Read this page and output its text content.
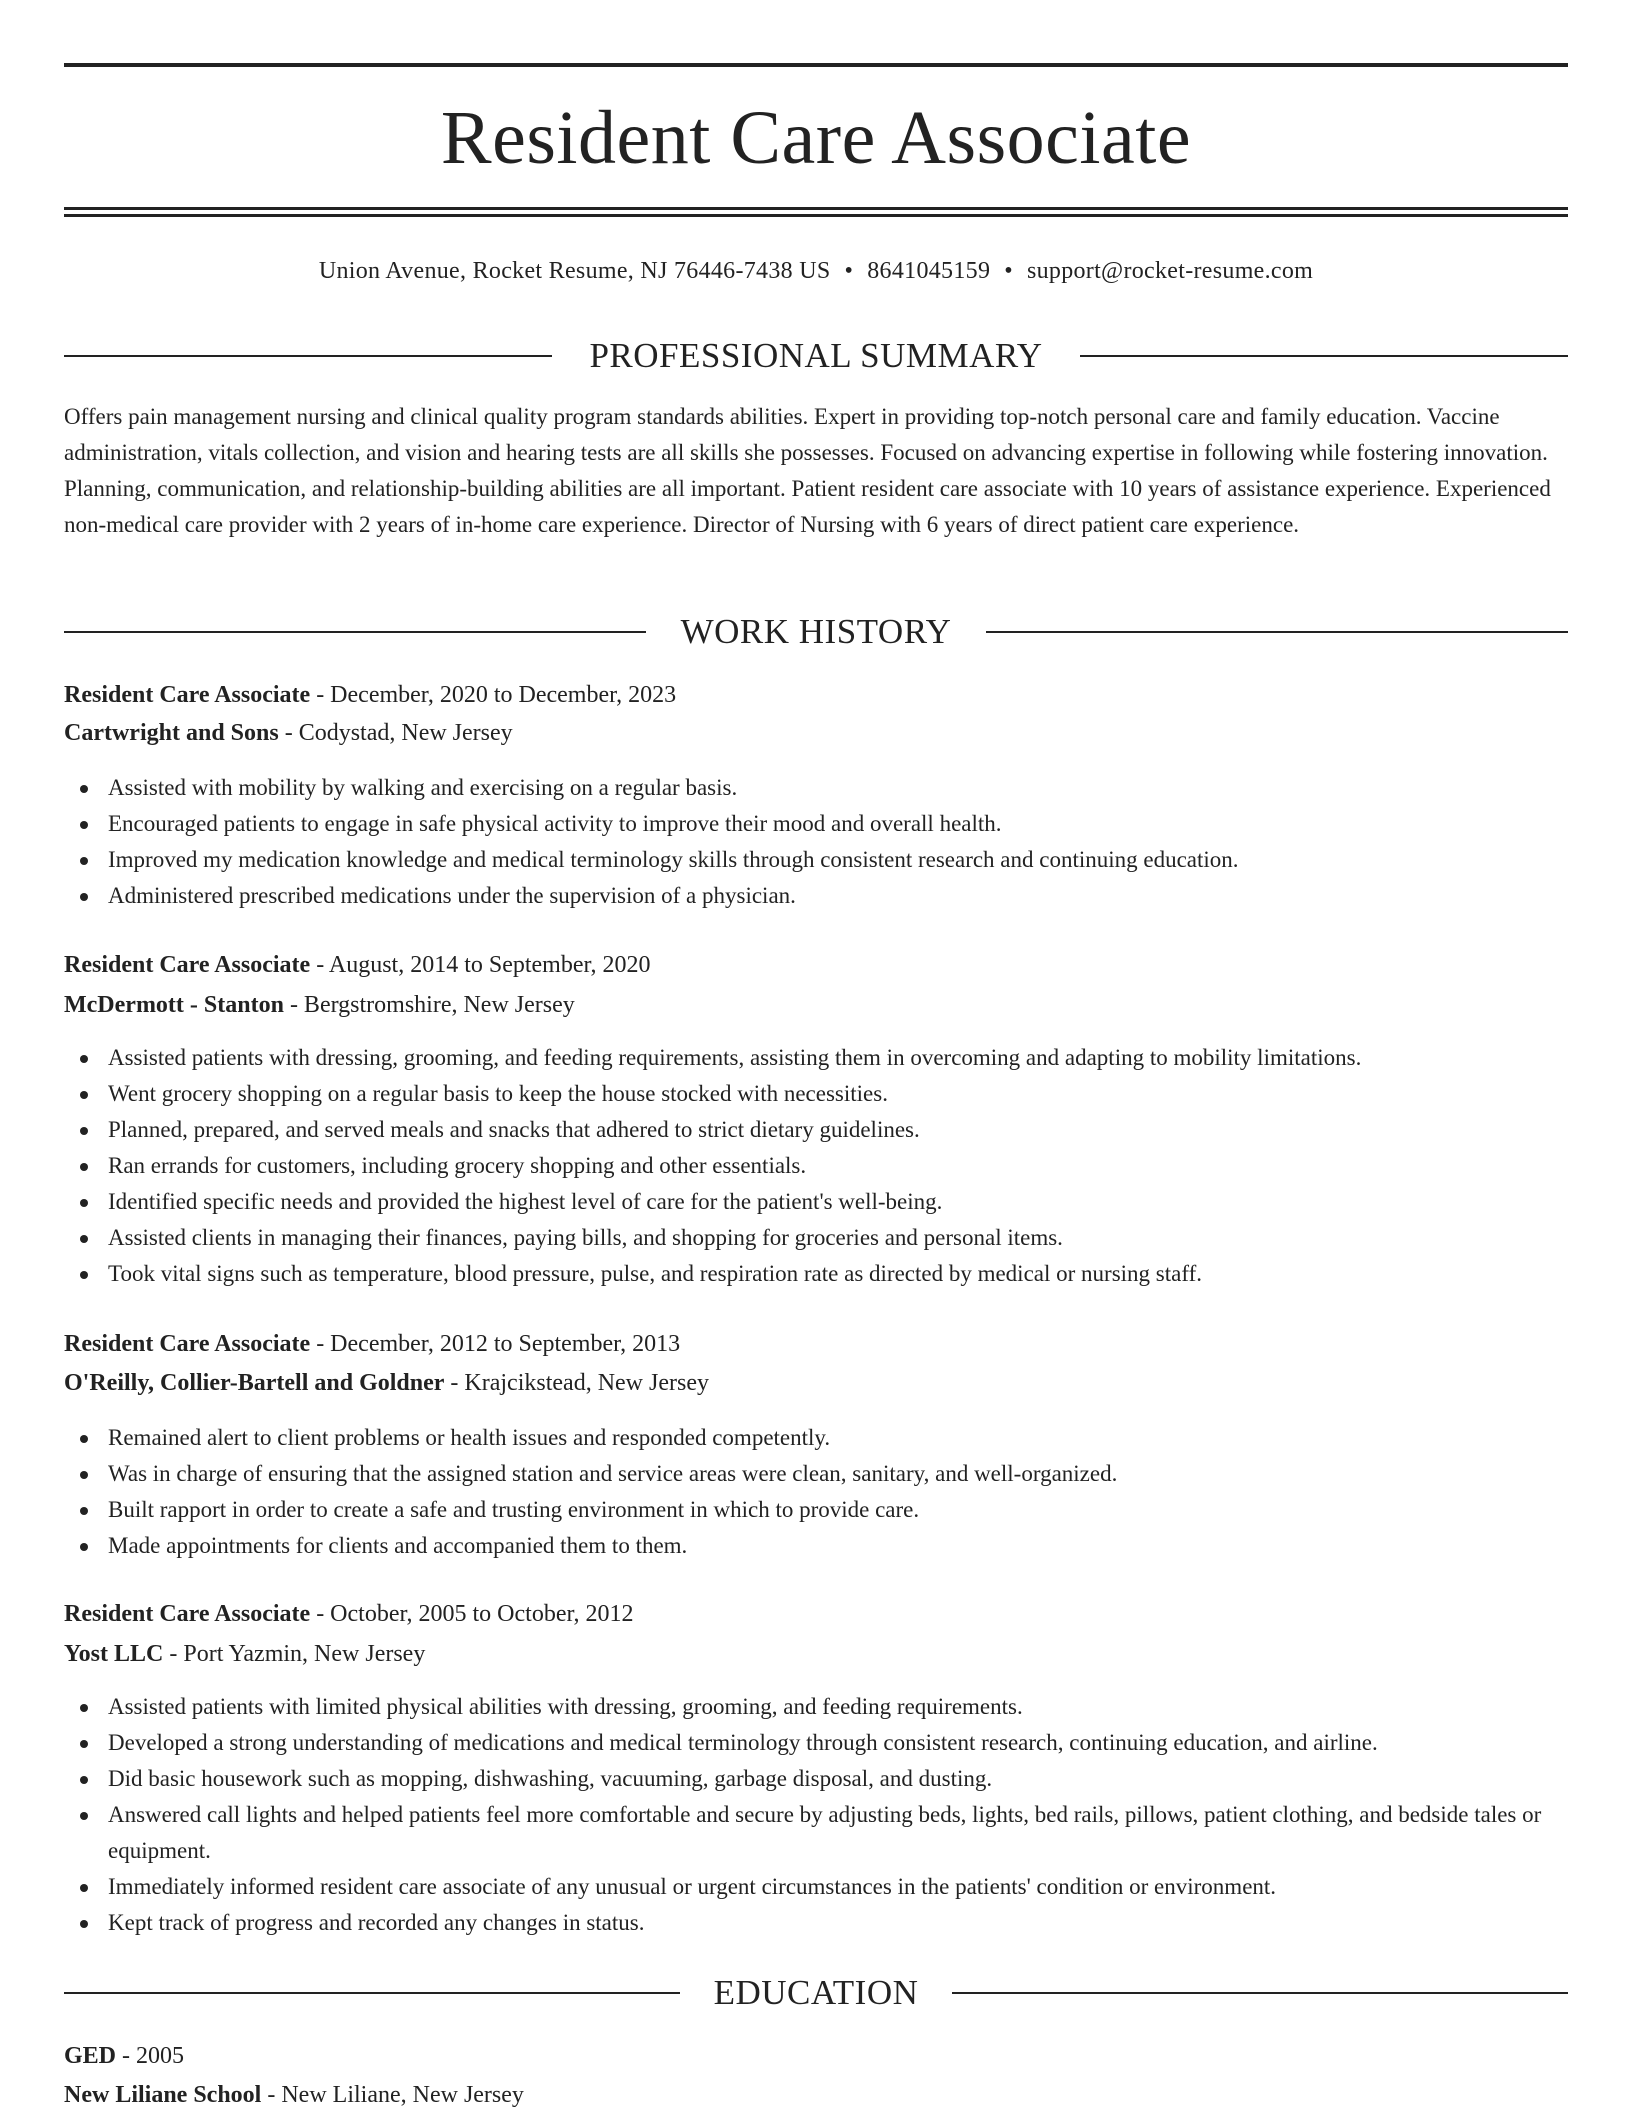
Resident Care Associate
Union Avenue, Rocket Resume, NJ 76446-7438 US • 8641045159 • support@rocket-resume.com
PROFESSIONAL SUMMARY

Offers pain management nursing and clinical quality program standards abilities. Expert in providing top-notch personal care and family education. Vaccine administration, vitals collection, and vision and hearing tests are all skills she possesses. Focused on advancing expertise in following while fostering innovation. Planning, communication, and relationship-building abilities are all important. Patient resident care associate with 10 years of assistance experience. Experienced non-medical care provider with 2 years of in-home care experience. Director of Nursing with 6 years of direct patient care experience.

WORK HISTORY
Resident Care Associate - December, 2020 to December, 2023
Cartwright and Sons - Codystad, New Jersey
Assisted with mobility by walking and exercising on a regular basis.
Encouraged patients to engage in safe physical activity to improve their mood and overall health.
Improved my medication knowledge and medical terminology skills through consistent research and continuing education.
Administered prescribed medications under the supervision of a physician.
Resident Care Associate - August, 2014 to September, 2020
McDermott - Stanton - Bergstromshire, New Jersey
Assisted patients with dressing, grooming, and feeding requirements, assisting them in overcoming and adapting to mobility limitations.
Went grocery shopping on a regular basis to keep the house stocked with necessities.
Planned, prepared, and served meals and snacks that adhered to strict dietary guidelines.
Ran errands for customers, including grocery shopping and other essentials.
Identified specific needs and provided the highest level of care for the patient's well-being.
Assisted clients in managing their finances, paying bills, and shopping for groceries and personal items.
Took vital signs such as temperature, blood pressure, pulse, and respiration rate as directed by medical or nursing staff.
Resident Care Associate - December, 2012 to September, 2013
O'Reilly, Collier-Bartell and Goldner - Krajcikstead, New Jersey
Remained alert to client problems or health issues and responded competently.
Was in charge of ensuring that the assigned station and service areas were clean, sanitary, and well-organized.
Built rapport in order to create a safe and trusting environment in which to provide care.
Made appointments for clients and accompanied them to them.
Resident Care Associate - October, 2005 to October, 2012
Yost LLC - Port Yazmin, New Jersey
Assisted patients with limited physical abilities with dressing, grooming, and feeding requirements.
Developed a strong understanding of medications and medical terminology through consistent research, continuing education, and airline.
Did basic housework such as mopping, dishwashing, vacuuming, garbage disposal, and dusting.
Answered call lights and helped patients feel more comfortable and secure by adjusting beds, lights, bed rails, pillows, patient clothing, and bedside tales or equipment.
Immediately informed resident care associate of any unusual or urgent circumstances in the patients' condition or environment.
Kept track of progress and recorded any changes in status.
EDUCATION
GED - 2005
New Liliane School - New Liliane, New Jersey
